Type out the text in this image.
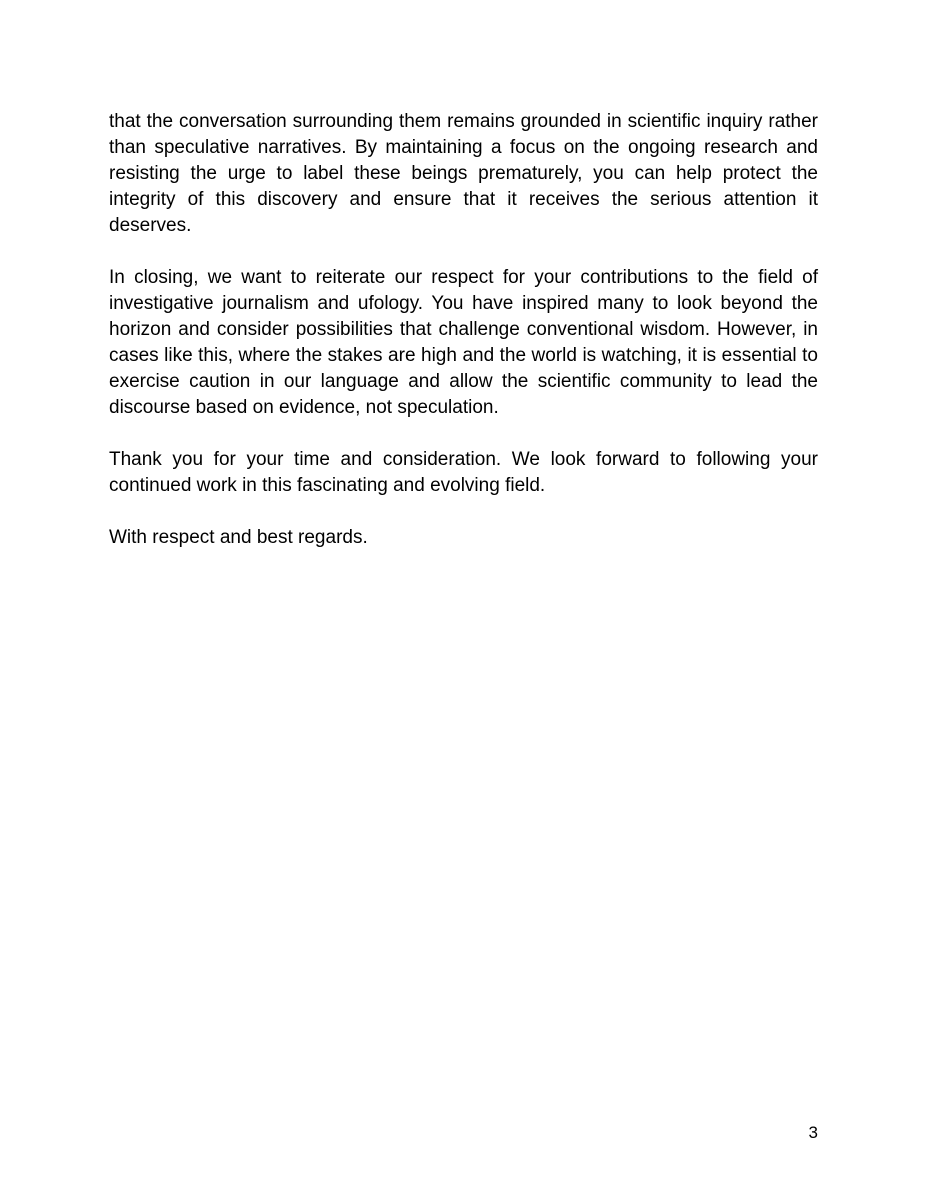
that the conversation surrounding them remains grounded in scientific inquiry rather than speculative narratives. By maintaining a focus on the ongoing research and resisting the urge to label these beings prematurely, you can help protect the integrity of this discovery and ensure that it receives the serious attention it deserves.

In closing, we want to reiterate our respect for your contributions to the field of investigative journalism and ufology. You have inspired many to look beyond the horizon and consider possibilities that challenge conventional wisdom. However, in cases like this, where the stakes are high and the world is watching, it is essential to exercise caution in our language and allow the scientific community to lead the discourse based on evidence, not speculation.

Thank you for your time and consideration. We look forward to following your continued work in this fascinating and evolving field.

With respect and best regards.

3
